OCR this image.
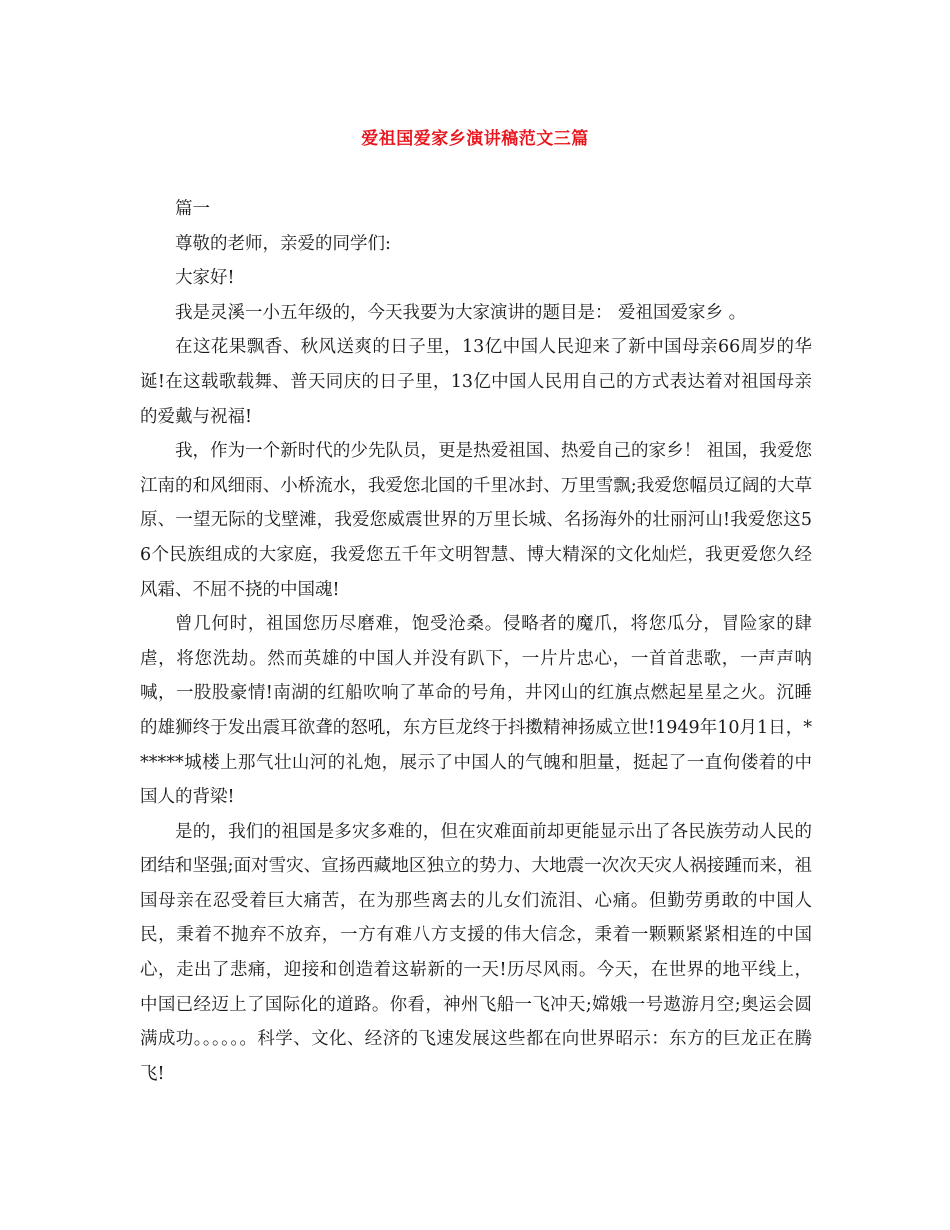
爱祖国爱家乡演讲稿范文三篇

篇一

尊敬的老师，亲爱的同学们:

大家好!

我是灵溪一小五年级的，今天我要为大家演讲的题目是： 爱祖国爱家乡 。

在这花果飘香、秋风送爽的日子里，13亿中国人民迎来了新中国母亲66周岁的华诞!在这载歌载舞、普天同庆的日子里，13亿中国人民用自己的方式表达着对祖国母亲的爱戴与祝福!

我，作为一个新时代的少先队员，更是热爱祖国、热爱自己的家乡！ 祖国，我爱您江南的和风细雨、小桥流水，我爱您北国的千里冰封、万里雪飘;我爱您幅员辽阔的大草原、一望无际的戈壁滩，我爱您威震世界的万里长城、名扬海外的壮丽河山!我爱您这56个民族组成的大家庭，我爱您五千年文明智慧、博大精深的文化灿烂，我更爱您久经风霜、不屈不挠的中国魂!

曾几何时，祖国您历尽磨难，饱受沧桑。侵略者的魔爪，将您瓜分，冒险家的肆虐，将您洗劫。然而英雄的中国人并没有趴下，一片片忠心，一首首悲歌，一声声呐喊，一股股豪情!南湖的红船吹响了革命的号角，井冈山的红旗点燃起星星之火。沉睡的雄狮终于发出震耳欲聋的怒吼，东方巨龙终于抖擞精神扬威立世!1949年10月1日，******城楼上那气壮山河的礼炮，展示了中国人的气魄和胆量，挺起了一直佝偻着的中国人的背梁!

是的，我们的祖国是多灾多难的，但在灾难面前却更能显示出了各民族劳动人民的团结和坚强;面对雪灾、宣扬西藏地区独立的势力、大地震一次次天灾人祸接踵而来，祖国母亲在忍受着巨大痛苦，在为那些离去的儿女们流泪、心痛。但勤劳勇敢的中国人民，秉着不抛弃不放弃，一方有难八方支援的伟大信念，秉着一颗颗紧紧相连的中国心，走出了悲痛，迎接和创造着这崭新的一天!历尽风雨。今天，在世界的地平线上，中国已经迈上了国际化的道路。你看，神州飞船一飞冲天;嫦娥一号遨游月空;奥运会圆满成功。。。。。。科学、文化、经济的飞速发展这些都在向世界昭示：东方的巨龙正在腾飞!
